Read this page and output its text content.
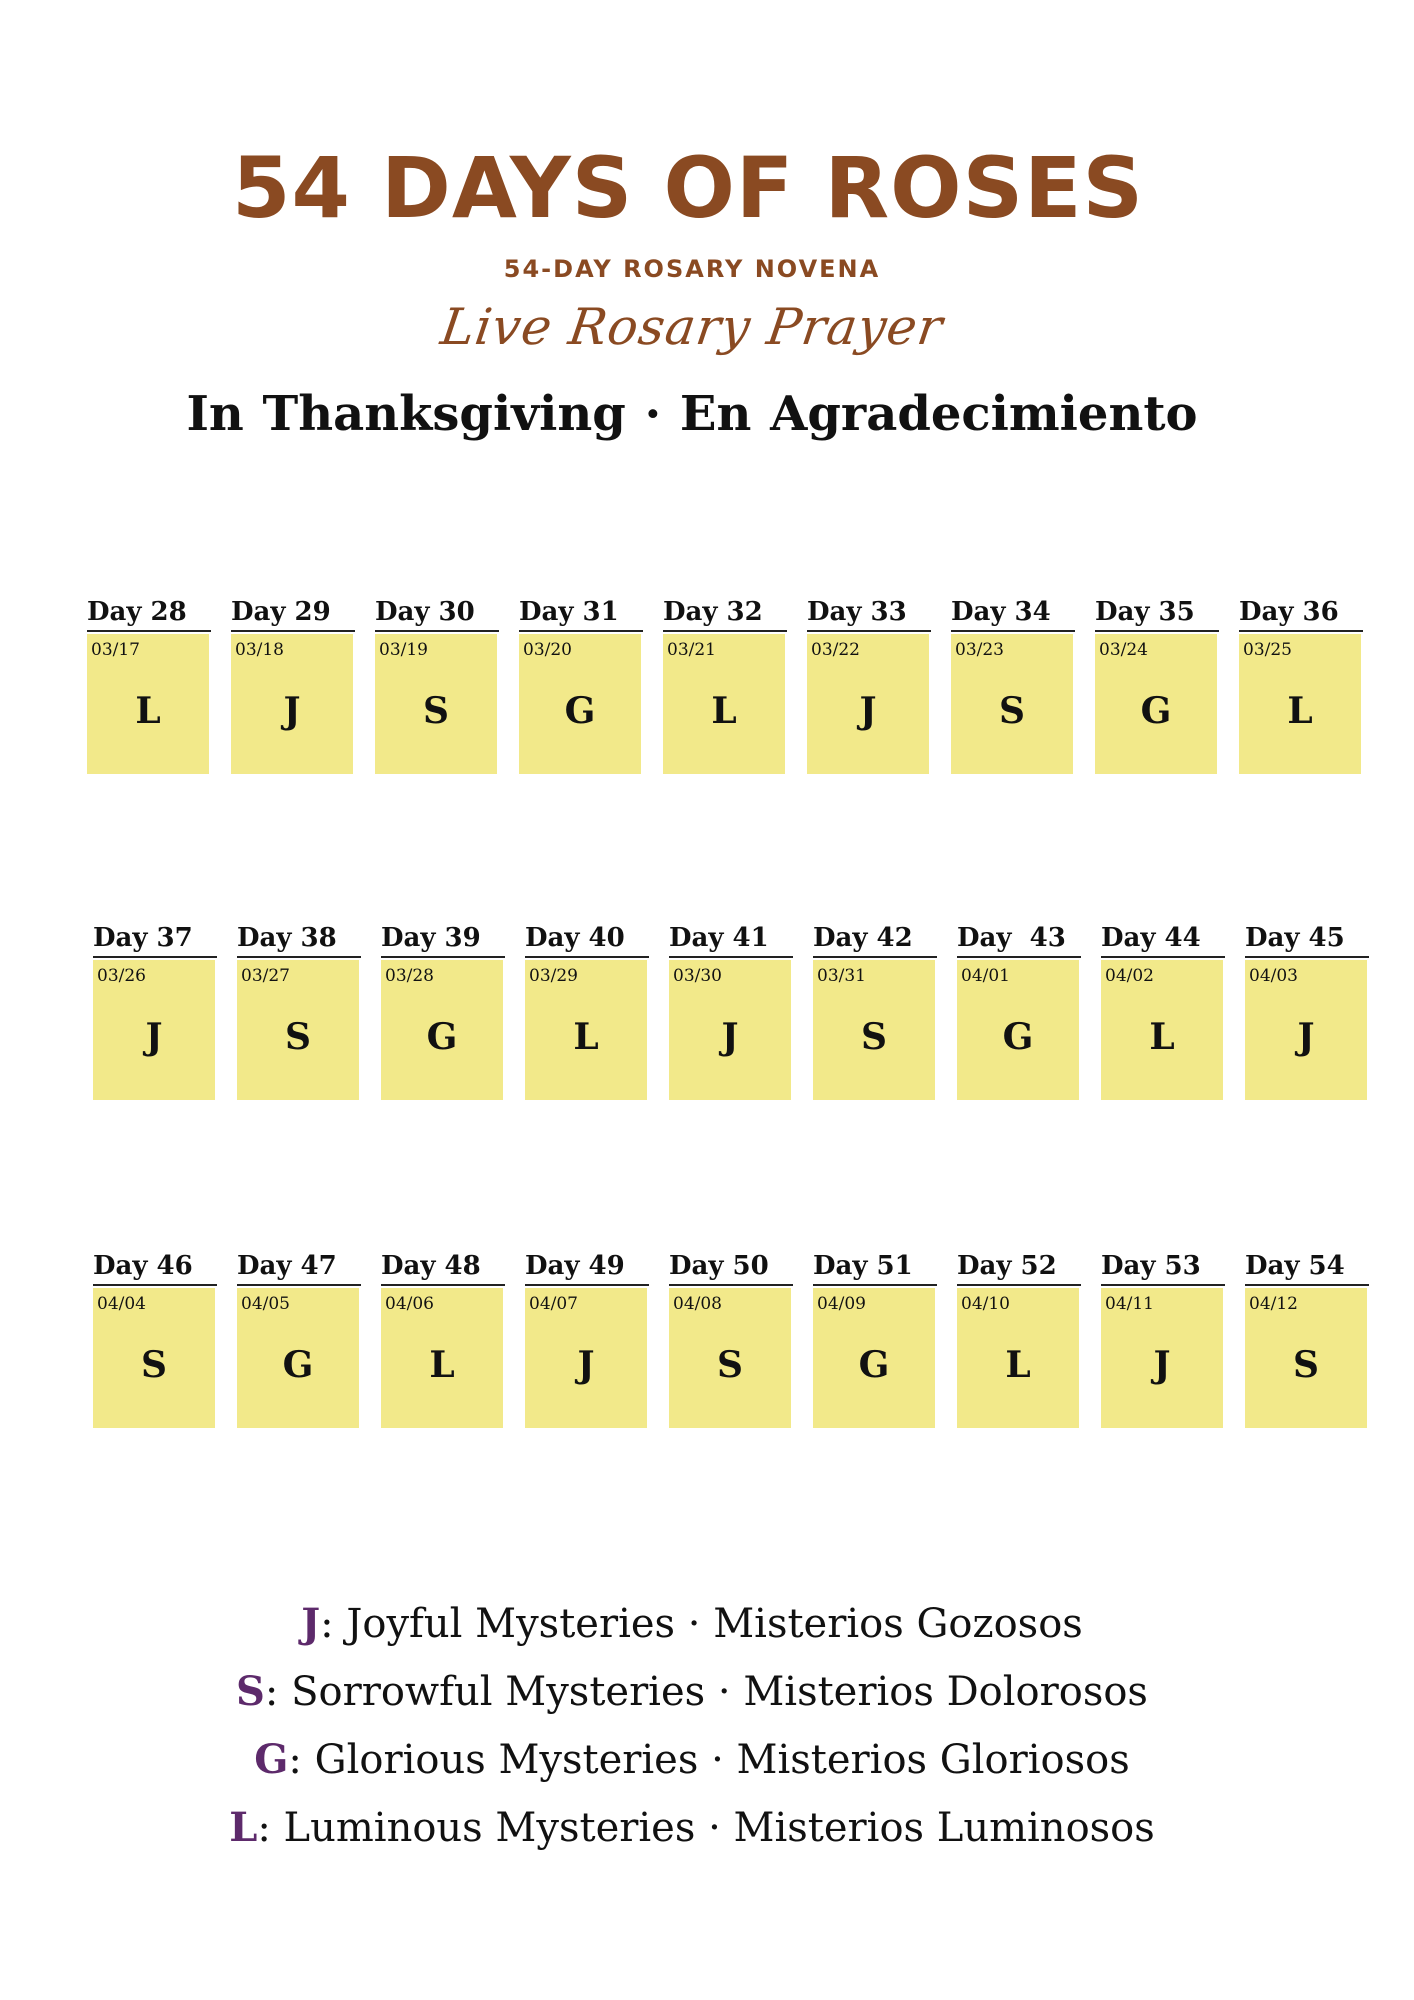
54 DAYS OF ROSES
54-DAY ROSARY NOVENA
Live Rosary Prayer
In Thanksgiving · En Agradecimiento
Day 28
03/17
L
Day 29
03/18
J
Day 30
03/19
S
Day 31
03/20
G
Day 32
03/21
L
Day 33
03/22
J
Day 34
03/23
S
Day 35
03/24
G
Day 36
03/25
L
Day 37
03/26
J
Day 38
03/27
S
Day 39
03/28
G
Day 40
03/29
L
Day 41
03/30
J
Day 42
03/31
S
Day  43
04/01
G
Day 44
04/02
L
Day 45
04/03
J
Day 46
04/04
S
Day 47
04/05
G
Day 48
04/06
L
Day 49
04/07
J
Day 50
04/08
S
Day 51
04/09
G
Day 52
04/10
L
Day 53
04/11
J
Day 54
04/12
S
J: Joyful Mysteries · Misterios Gozosos
S: Sorrowful Mysteries · Misterios Dolorosos
G: Glorious Mysteries · Misterios Gloriosos
L: Luminous Mysteries · Misterios Luminosos
